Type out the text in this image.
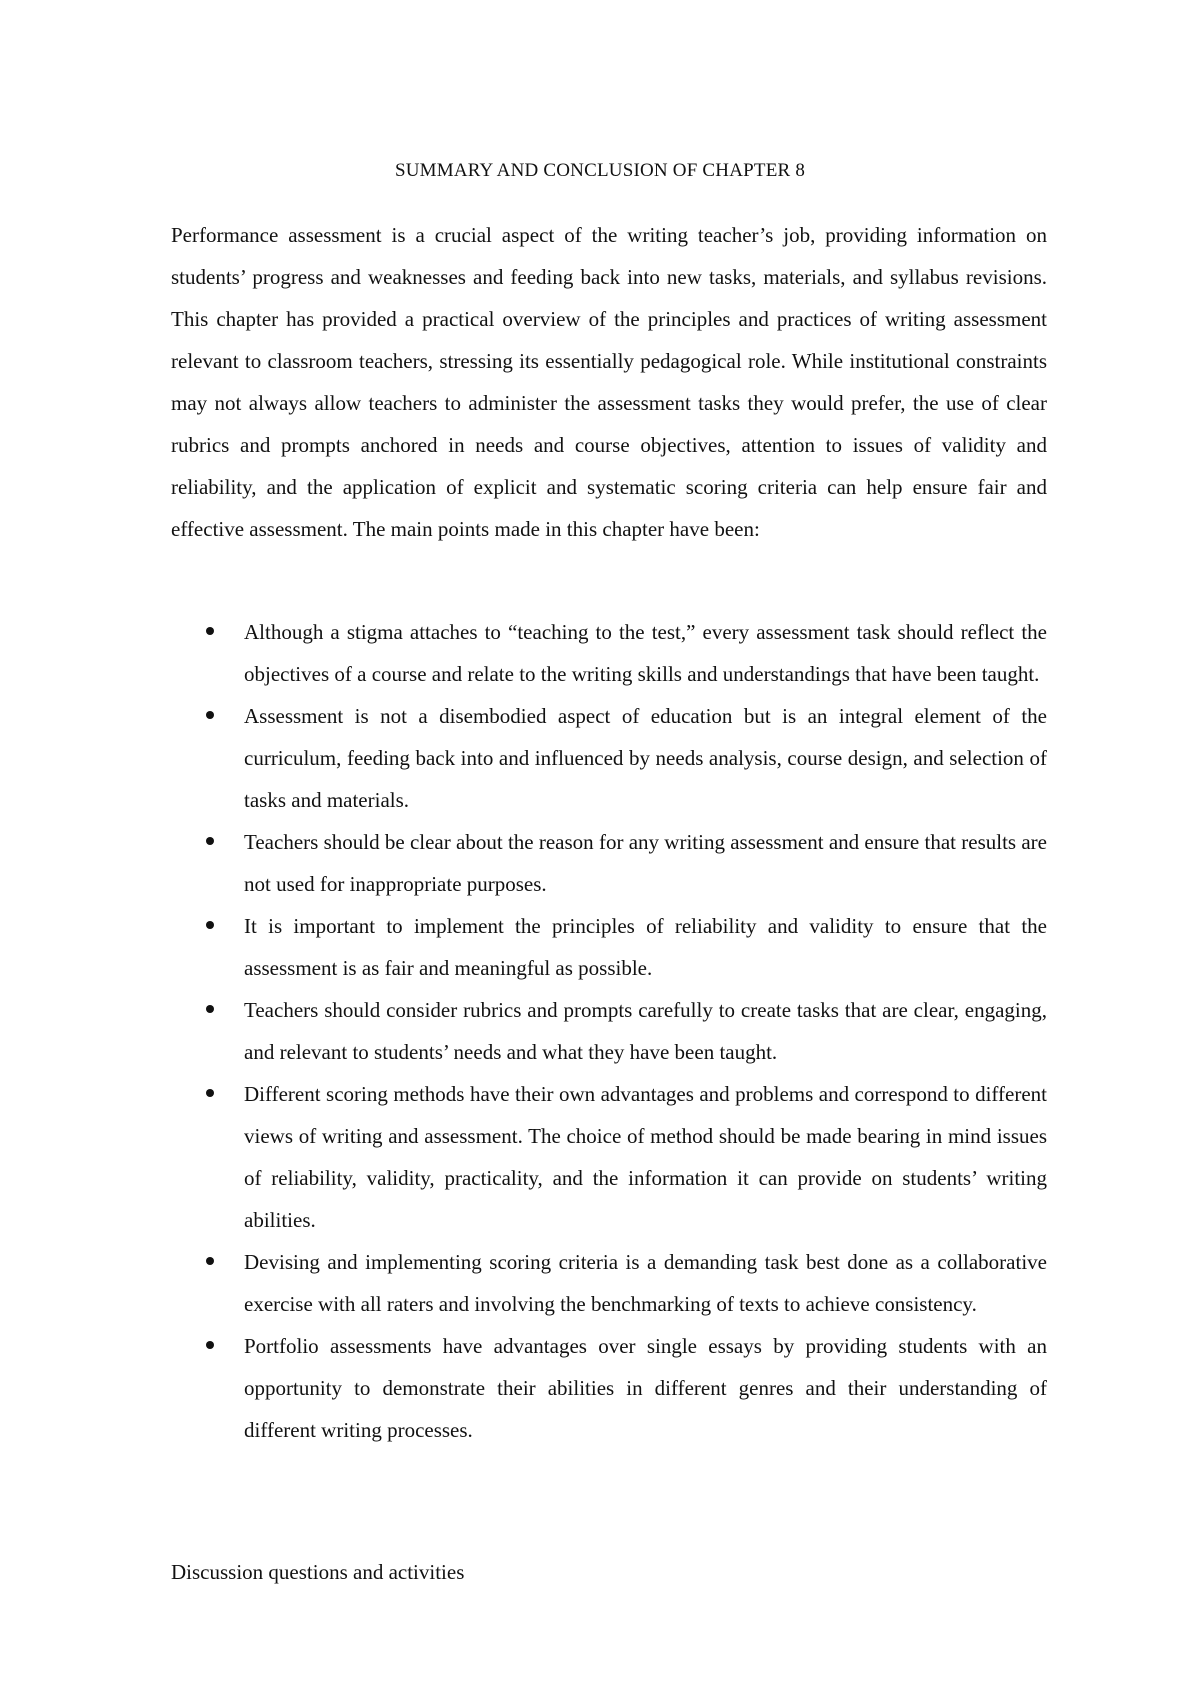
SUMMARY AND CONCLUSION OF CHAPTER 8

Performance assessment is a crucial aspect of the writing teacher’s job, providing information on students’ progress and weaknesses and feeding back into new tasks, materials, and syllabus revisions. This chapter has provided a practical overview of the principles and practices of writing assessment relevant to classroom teachers, stressing its essentially pedagogical role. While institutional constraints may not always allow teachers to administer the assessment tasks they would prefer, the use of clear rubrics and prompts anchored in needs and course objectives, attention to issues of validity and reliability, and the application of explicit and systematic scoring criteria can help ensure fair and effective assessment. The main points made in this chapter have been:

Although a stigma attaches to “teaching to the test,” every assessment task should reflect the objectives of a course and relate to the writing skills and understandings that have been taught.
Assessment is not a disembodied aspect of education but is an integral element of the curriculum, feeding back into and influenced by needs analysis, course design, and selection of tasks and materials.
Teachers should be clear about the reason for any writing assessment and ensure that results are not used for inappropriate purposes.
It is important to implement the principles of reliability and validity to ensure that the assessment is as fair and meaningful as possible.
Teachers should consider rubrics and prompts carefully to create tasks that are clear, engaging, and relevant to students’ needs and what they have been taught.
Different scoring methods have their own advantages and problems and correspond to different views of writing and assessment. The choice of method should be made bearing in mind issues of reliability, validity, practicality, and the information it can provide on students’ writing abilities.
Devising and implementing scoring criteria is a demanding task best done as a collaborative exercise with all raters and involving the benchmarking of texts to achieve consistency.
Portfolio assessments have advantages over single essays by providing students with an opportunity to demonstrate their abilities in different genres and their understanding of different writing processes.

Discussion questions and activities
